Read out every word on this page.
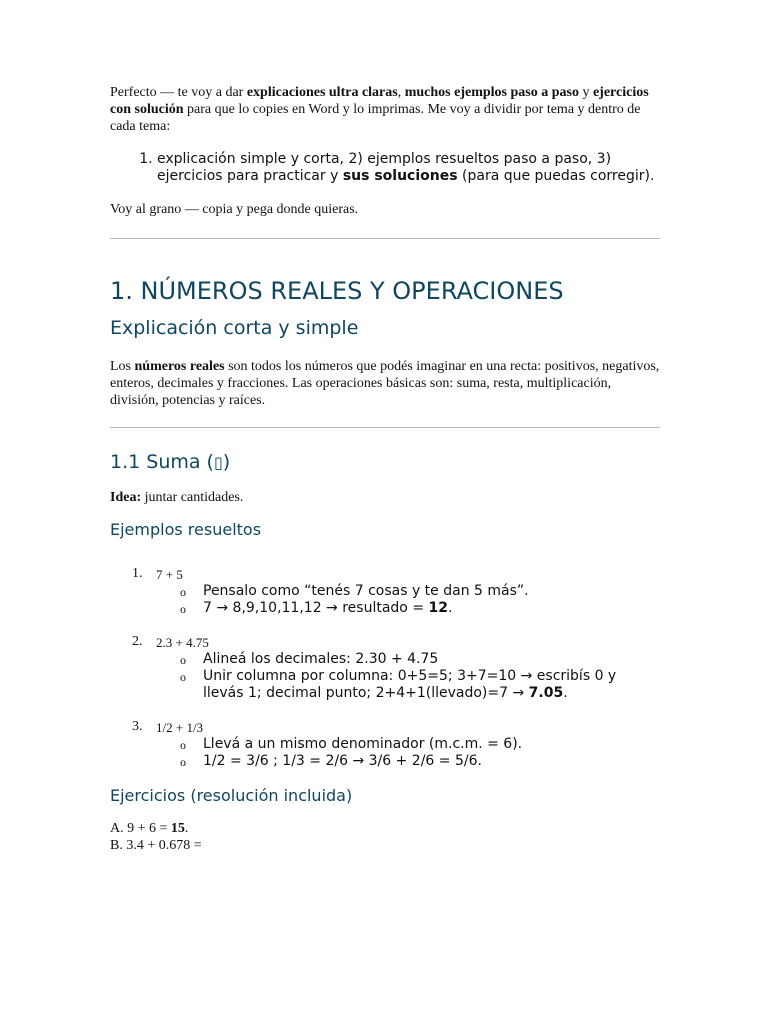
Perfecto — te voy a dar explicaciones ultra claras, muchos ejemplos paso a paso y ejercicios con solución para que lo copies en Word y lo imprimas. Me voy a dividir por tema y dentro de cada tema:

1. explicación simple y corta, 2) ejemplos resueltos paso a paso, 3) ejercicios para practicar y sus soluciones (para que puedas corregir).

Voy al grano — copia y pega donde quieras.

1. NÚMEROS REALES Y OPERACIONES
Explicación corta y simple

Los números reales son todos los números que podés imaginar en una recta: positivos, negativos, enteros, decimales y fracciones. Las operaciones básicas son: suma, resta, multiplicación, división, potencias y raíces.

1.1 Suma (▯)

Idea: juntar cantidades.

Ejemplos resueltos
1. 7 + 5
o Pensalo como “tenés 7 cosas y te dan 5 más”.
o 7 → 8,9,10,11,12 → resultado = 12.
2. 2.3 + 4.75
o Alineá los decimales: 2.30 + 4.75
o Unir columna por columna: 0+5=5; 3+7=10 → escribís 0 y llevás 1; decimal punto; 2+4+1(llevado)=7 → 7.05.
3. 1/2 + 1/3
o Llevá a un mismo denominador (m.c.m. = 6).
o 1/2 = 3/6 ; 1/3 = 2/6 → 3/6 + 2/6 = 5/6.
Ejercicios (resolución incluida)
A. 9 + 6 = 15.
B. 3.4 + 0.678 =
